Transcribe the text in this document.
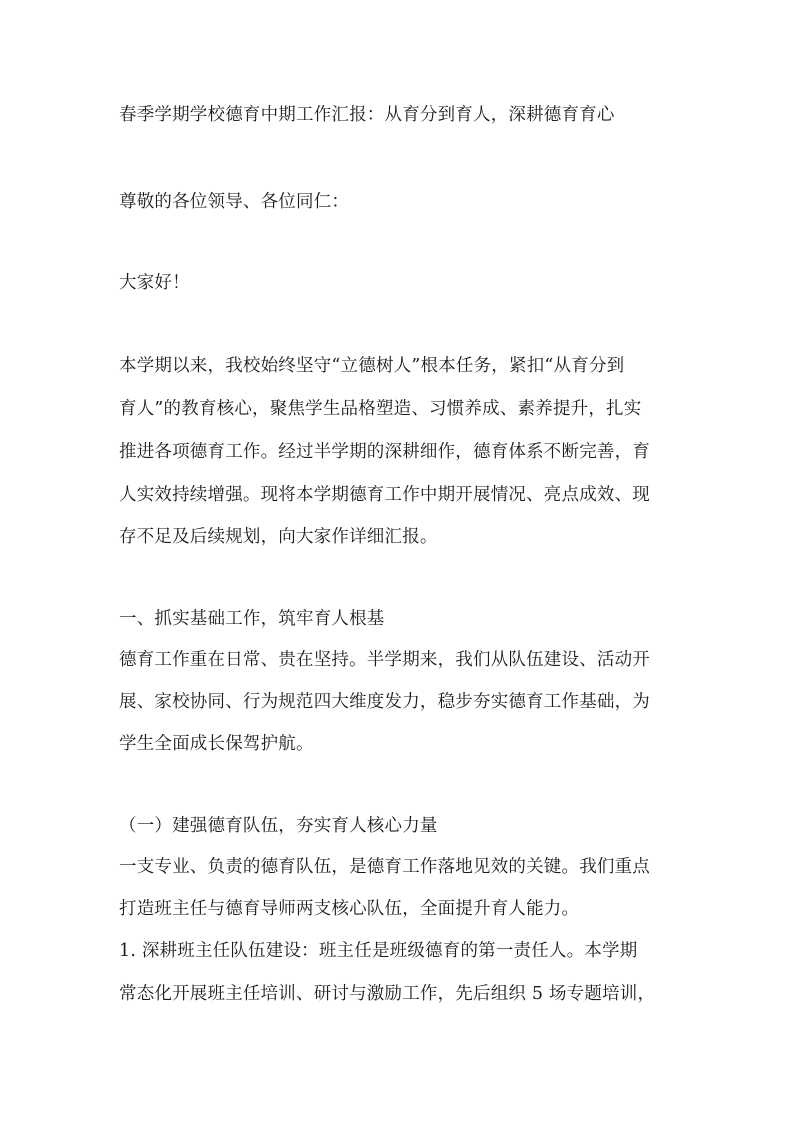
春季学期学校德育中期工作汇报：从育分到育人，深耕德育育心
尊敬的各位领导、各位同仁：
大家好！
本学期以来，我校始终坚守“立德树人”根本任务，紧扣“从育分到
育人”的教育核心，聚焦学生品格塑造、习惯养成、素养提升，扎实
推进各项德育工作。经过半学期的深耕细作，德育体系不断完善，育
人实效持续增强。现将本学期德育工作中期开展情况、亮点成效、现
存不足及后续规划，向大家作详细汇报。
一、抓实基础工作，筑牢育人根基
德育工作重在日常、贵在坚持。半学期来，我们从队伍建设、活动开
展、家校协同、行为规范四大维度发力，稳步夯实德育工作基础，为
学生全面成长保驾护航。
（一）建强德育队伍，夯实育人核心力量
一支专业、负责的德育队伍，是德育工作落地见效的关键。我们重点
打造班主任与德育导师两支核心队伍，全面提升育人能力。
1. 深耕班主任队伍建设：班主任是班级德育的第一责任人。本学期
常态化开展班主任培训、研讨与激励工作，先后组织 5 场专题培训，
